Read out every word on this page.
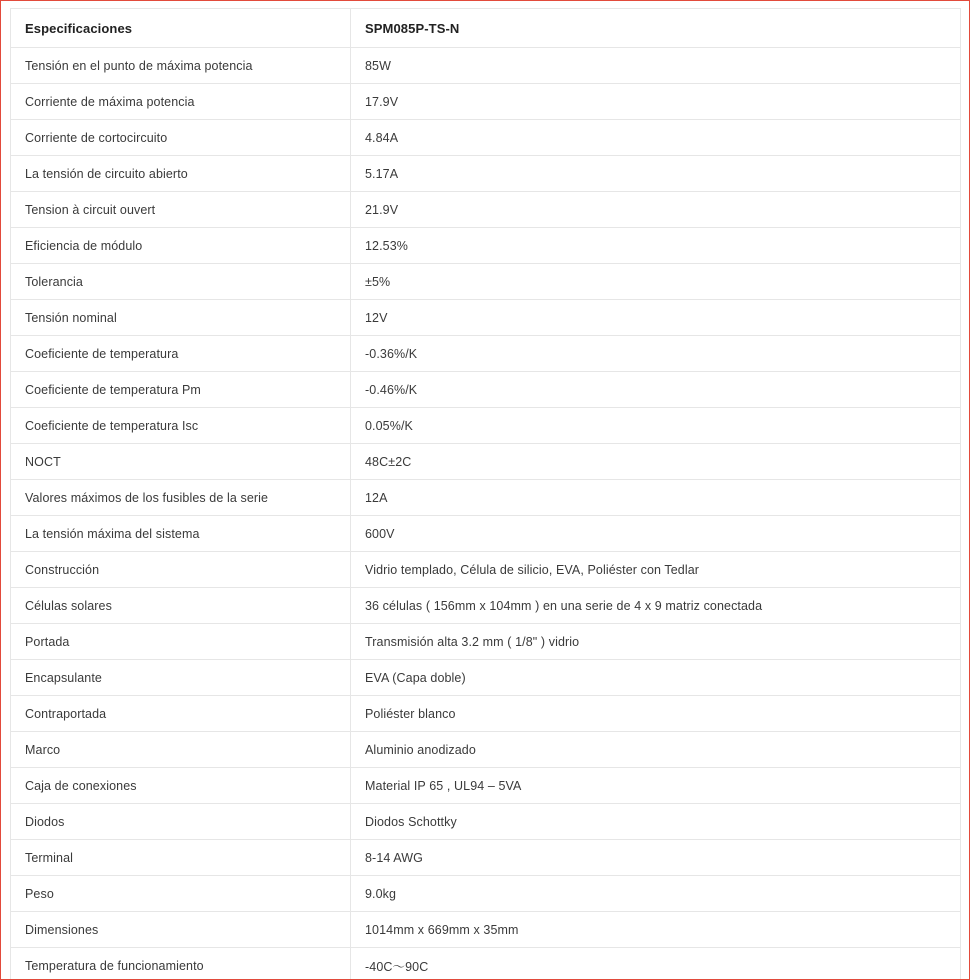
Especificaciones	SPM085P-TS-N
Tensión en el punto de máxima potencia	85W
Corriente de máxima potencia	17.9V
Corriente de cortocircuito	4.84A
La tensión de circuito abierto	5.17A
Tension à circuit ouvert	21.9V
Eficiencia de módulo	12.53%
Tolerancia	±5%
Tensión nominal	12V
Coeficiente de temperatura	-0.36%/K
Coeficiente de temperatura Pm	-0.46%/K
Coeficiente de temperatura Isc	0.05%/K
NOCT	48C±2C
Valores máximos de los fusibles de la serie	12A
La tensión máxima del sistema	600V
Construcción	Vidrio templado, Célula de silicio, EVA, Poliéster con Tedlar
Células solares	36 células ( 156mm x 104mm ) en una serie de 4 x 9 matriz conectada
Portada	Transmisión alta 3.2 mm ( 1/8" ) vidrio
Encapsulante	EVA (Capa doble)
Contraportada	Poliéster blanco
Marco	Aluminio anodizado
Caja de conexiones	Material IP 65 , UL94 – 5VA
Diodos	Diodos Schottky
Terminal	8-14 AWG
Peso	9.0kg
Dimensiones	1014mm x 669mm x 35mm
Temperatura de funcionamiento	-40C～90C
